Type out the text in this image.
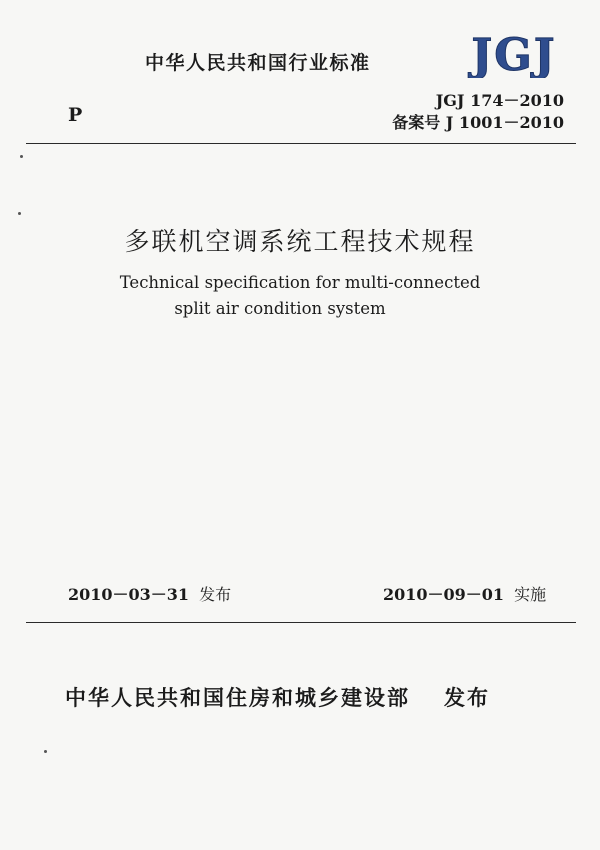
中华人民共和国行业标准 JGJ
P
JGJ 174－2010
备案号 J 1001－2010
多联机空调系统工程技术规程
Technical specification for multi-connected
split air condition system
2010－03－31 发布	2010－09－01 实施
中华人民共和国住房和城乡建设部 发布
